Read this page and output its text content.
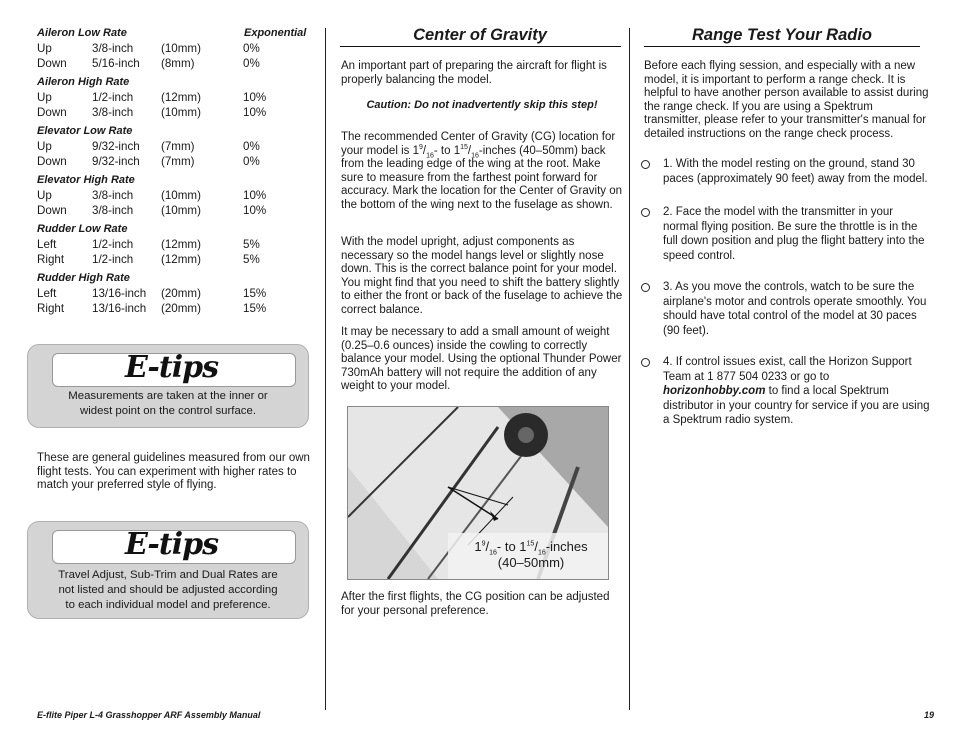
Aileron Low Rate	Exponential
Up	3/8-inch (10mm)	0%
Down 5/16-inch (8mm)	0%
Aileron High Rate
Up	1/2-inch (12mm)	10%
Down 3/8-inch (10mm)	10%
Elevator Low Rate
Up	9/32-inch (7mm)	0%
Down 9/32-inch (7mm)	0%
Elevator High Rate
Up	3/8-inch (10mm)	10%
Down 3/8-inch (10mm)	10%
Rudder Low Rate
Left	1/2-inch (12mm)	5%
Right 1/2-inch (12mm)	5%
Rudder High Rate
Left	13/16-inch (20mm)	15%
Right 13/16-inch (20mm)	15%
E-tips
Measurements are taken at the inner or
widest point on the control surface.
These are general guidelines measured from our own flight tests. You can experiment with higher rates to match your preferred style of flying.
E-tips
Travel Adjust, Sub-Trim and Dual Rates are
not listed and should be adjusted according
to each individual model and preference.
Center of Gravity
An important part of preparing the aircraft for flight is properly balancing the model.
Caution: Do not inadvertently skip this step!
The recommended Center of Gravity (CG) location for your model is $1^9/_{16}-$ to $1^{15}/_{16}$-inches (40–50mm) back from the leading edge of the wing at the root. Make sure to measure from the farthest point forward for accuracy. Mark the location for the Center of Gravity on the bottom of the wing next to the fuselage as shown.
With the model upright, adjust components as necessary so the model hangs level or slightly nose down. This is the correct balance point for your model. You might find that you need to shift the battery slightly to either the front or back of the fuselage to achieve the correct balance.
It may be necessary to add a small amount of weight (0.25–0.6 ounces) inside the cowling to correctly balance your model. Using the optional Thunder Power 730mAh battery will not require the addition of any weight to your model.
$1^9/_{16}-$ to $1^{15}/_{16}$-inches
(40–50mm)
After the first flights, the CG position can be adjusted for your personal preference.
Range Test Your Radio
Before each flying session, and especially with a new model, it is important to perform a range check. It is helpful to have another person available to assist during the range check. If you are using a Spektrum transmitter, please refer to your transmitter's manual for detailed instructions on the range check process.
1. With the model resting on the ground, stand 30 paces (approximately 90 feet) away from the model.
2. Face the model with the transmitter in your normal flying position. Be sure the throttle is in the full down position and plug the flight battery into the speed control.
3. As you move the controls, watch to be sure the airplane's motor and controls operate smoothly. You should have total control of the model at 30 paces (90 feet).
4. If control issues exist, call the Horizon Support Team at 1 877 504 0233 or go to horizonhobby.com to find a local Spektrum distributor in your country for service if you are using a Spektrum radio system.
E-flite Piper L-4 Grasshopper ARF Assembly Manual	19
